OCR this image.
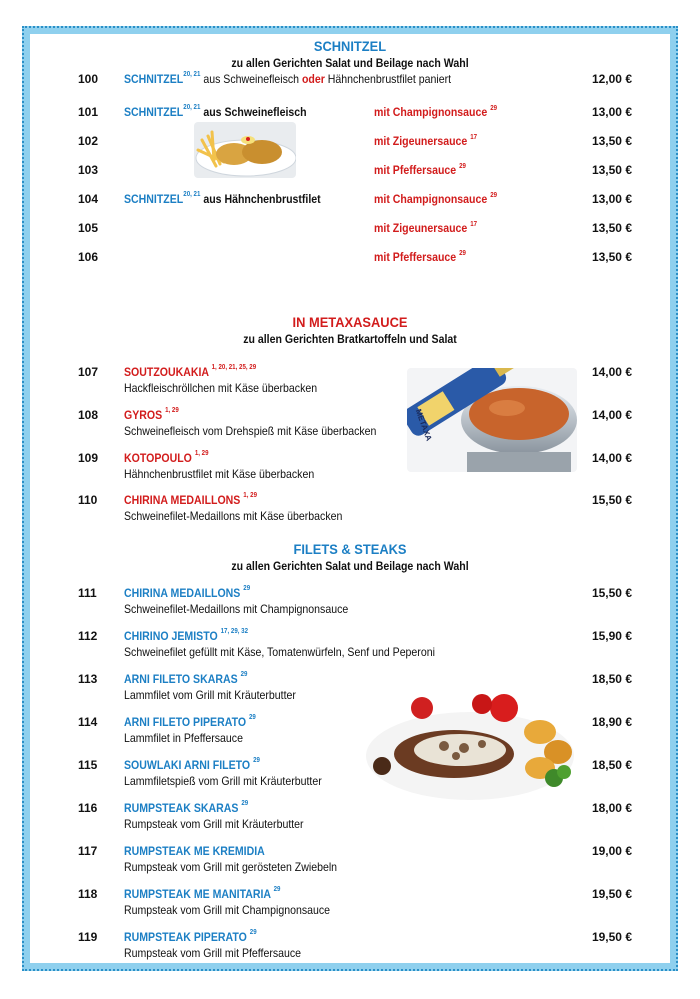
SCHNITZEL
zu allen Gerichten Salat und Beilage nach Wahl
100 SCHNITZEL$^{20, 21}$ aus Schweinefleisch oder Hähnchenbrustfilet paniert	12,00 €
101 SCHNITZEL$^{20, 21}$ aus Schweinefleisch	mit Champignonsauce $^{29}$	13,00 €
102	mit Zigeunersauce $^{17}$	13,50 €
103	mit Pfeffersauce $^{29}$	13,50 €
104 SCHNITZEL$^{20, 21}$ aus Hähnchenbrustfilet	mit Champignonsauce $^{29}$	13,00 €
105	mit Zigeunersauce $^{17}$	13,50 €
106	mit Pfeffersauce $^{29}$	13,50 €
IN METAXASAUCE
zu allen Gerichten Bratkartoffeln und Salat
107 SOUTZOUKAKIA $^{1, 20, 21, 25, 29}$
Hackfleischröllchen mit Käse überbacken
14,00 €
108 GYROS $^{1, 29}$
Schweinefleisch vom Drehspieß mit Käse überbacken
14,00 €
109 KOTOPOULO $^{1, 29}$
Hähnchenbrustfilet mit Käse überbacken
14,00 €
110 CHIRINA MEDAILLONS $^{1, 29}$
Schweinefilet-Medaillons mit Käse überbacken
15,50 €
METAXA
FILETS & STEAKS
zu allen Gerichten Salat und Beilage nach Wahl
111 CHIRINA MEDAILLONS $^{29}$
Schweinefilet-Medaillons mit Champignonsauce
15,50 €
112 CHIRINO JEMISTO $^{17, 29, 32}$
Schweinefilet gefüllt mit Käse, Tomatenwürfeln, Senf und Peperoni
15,90 €
113 ARNI FILETO SKARAS $^{29}$
Lammfilet vom Grill mit Kräuterbutter
18,50 €
114 ARNI FILETO PIPERATO $^{29}$
Lammfilet in Pfeffersauce
18,90 €
115 SOUWLAKI ARNI FILETO $^{29}$
Lammfiletspieß vom Grill mit Kräuterbutter
18,50 €
116 RUMPSTEAK SKARAS $^{29}$
Rumpsteak vom Grill mit Kräuterbutter
18,00 €
117 RUMPSTEAK ME KREMIDIA
Rumpsteak vom Grill mit gerösteten Zwiebeln
19,00 €
118 RUMPSTEAK ME MANITARIA $^{29}$
Rumpsteak vom Grill mit Champignonsauce
19,50 €
119 RUMPSTEAK PIPERATO $^{29}$
Rumpsteak vom Grill mit Pfeffersauce
19,50 €
